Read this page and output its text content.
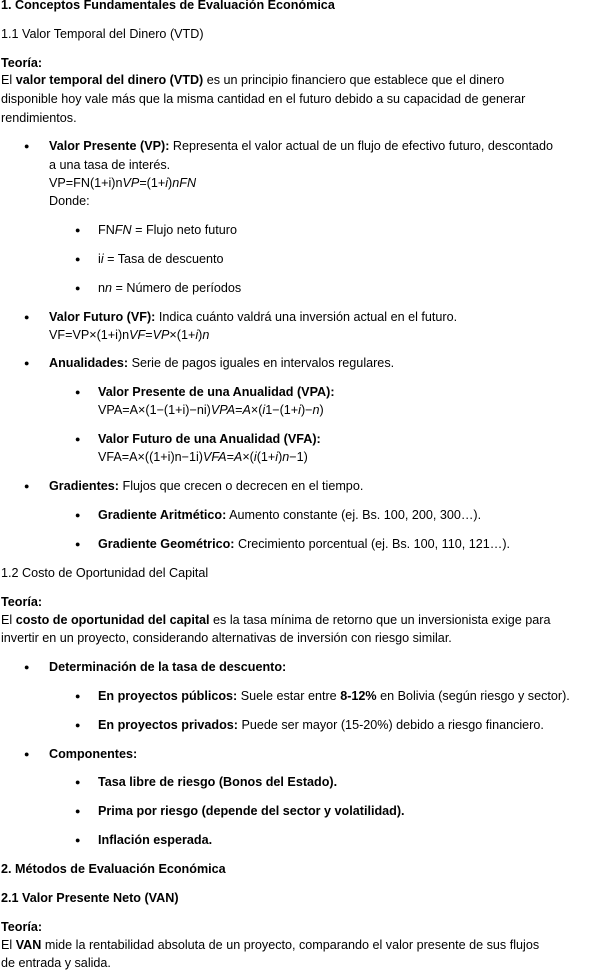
1. Conceptos Fundamentales de Evaluación Económica
1.1 Valor Temporal del Dinero (VTD)
Teoría:
El valor temporal del dinero (VTD) es un principio financiero que establece que el dinero
disponible hoy vale más que la misma cantidad en el futuro debido a su capacidad de generar
rendimientos.
● Valor Presente (VP): Representa el valor actual de un flujo de efectivo futuro, descontado
a una tasa de interés.
VP=FN(1+i)nVP=(1+i)nFN
Donde:
● FNFN = Flujo neto futuro
● ii = Tasa de descuento
● nn = Número de períodos
● Valor Futuro (VF): Indica cuánto valdrá una inversión actual en el futuro.
VF=VP×(1+i)nVF=VP×(1+i)n
● Anualidades: Serie de pagos iguales en intervalos regulares.
● Valor Presente de una Anualidad (VPA):
VPA=A×(1−(1+i)−ni)VPA=A×(i1−(1+i)−n)
● Valor Futuro de una Anualidad (VFA):
VFA=A×((1+i)n−1i)VFA=A×(i(1+i)n−1)
● Gradientes: Flujos que crecen o decrecen en el tiempo.
● Gradiente Aritmético: Aumento constante (ej. Bs. 100, 200, 300…).
● Gradiente Geométrico: Crecimiento porcentual (ej. Bs. 100, 110, 121…).
1.2 Costo de Oportunidad del Capital
Teoría:
El costo de oportunidad del capital es la tasa mínima de retorno que un inversionista exige para
invertir en un proyecto, considerando alternativas de inversión con riesgo similar.
● Determinación de la tasa de descuento:
● En proyectos públicos: Suele estar entre 8-12% en Bolivia (según riesgo y sector).
● En proyectos privados: Puede ser mayor (15-20%) debido a riesgo financiero.
● Componentes:
● Tasa libre de riesgo (Bonos del Estado).
● Prima por riesgo (depende del sector y volatilidad).
● Inflación esperada.
2. Métodos de Evaluación Económica
2.1 Valor Presente Neto (VAN)
Teoría:
El VAN mide la rentabilidad absoluta de un proyecto, comparando el valor presente de sus flujos
de entrada y salida.
